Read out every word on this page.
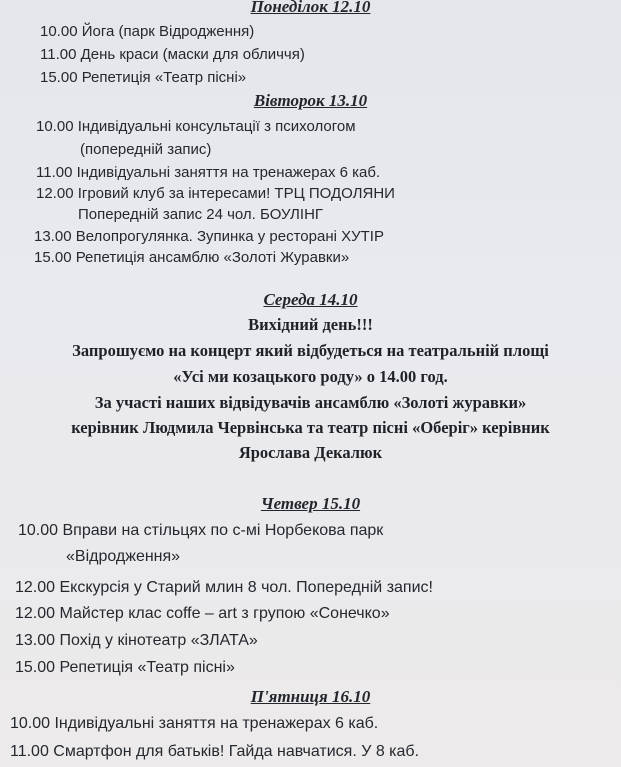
Понеділок 12.10
10.00 Йога (парк Відродження)
11.00 День краси (маски для обличчя)
15.00 Репетиція «Театр пісні»
Вівторок 13.10
10.00 Індивідуальні консультації з психологом
(попередній запис)
11.00 Індивідуальні заняття на тренажерах 6 каб.
12.00 Ігровий клуб за інтересами! ТРЦ ПОДОЛЯНИ
Попередній запис 24 чол. БОУЛІНГ
13.00 Велопрогулянка. Зупинка у ресторані ХУТІР
15.00 Репетиція ансамблю «Золоті Журавки»
Середа 14.10
Вихідний день!!!
Запрошуємо на концерт який відбудеться на театральній площі
«Усі ми козацького роду» о 14.00 год.
За участі наших відвідувачів ансамблю «Золоті журавки»
керівник Людмила Червінська та театр пісні «Оберіг» керівник
Ярослава Декалюк
Четвер 15.10
10.00 Вправи на стільцях по с-мі Норбекова парк
«Відродження»
12.00 Екскурсія у Старий млин 8 чол. Попередній запис!
12.00 Майстер клас coffe – art з групою «Сонечко»
13.00 Похід у кінотеатр «ЗЛАТА»
15.00 Репетиція «Театр пісні»
П'ятниця 16.10
10.00 Індивідуальні заняття на тренажерах 6 каб.
11.00 Смартфон для батьків! Гайда навчатися. У 8 каб.
